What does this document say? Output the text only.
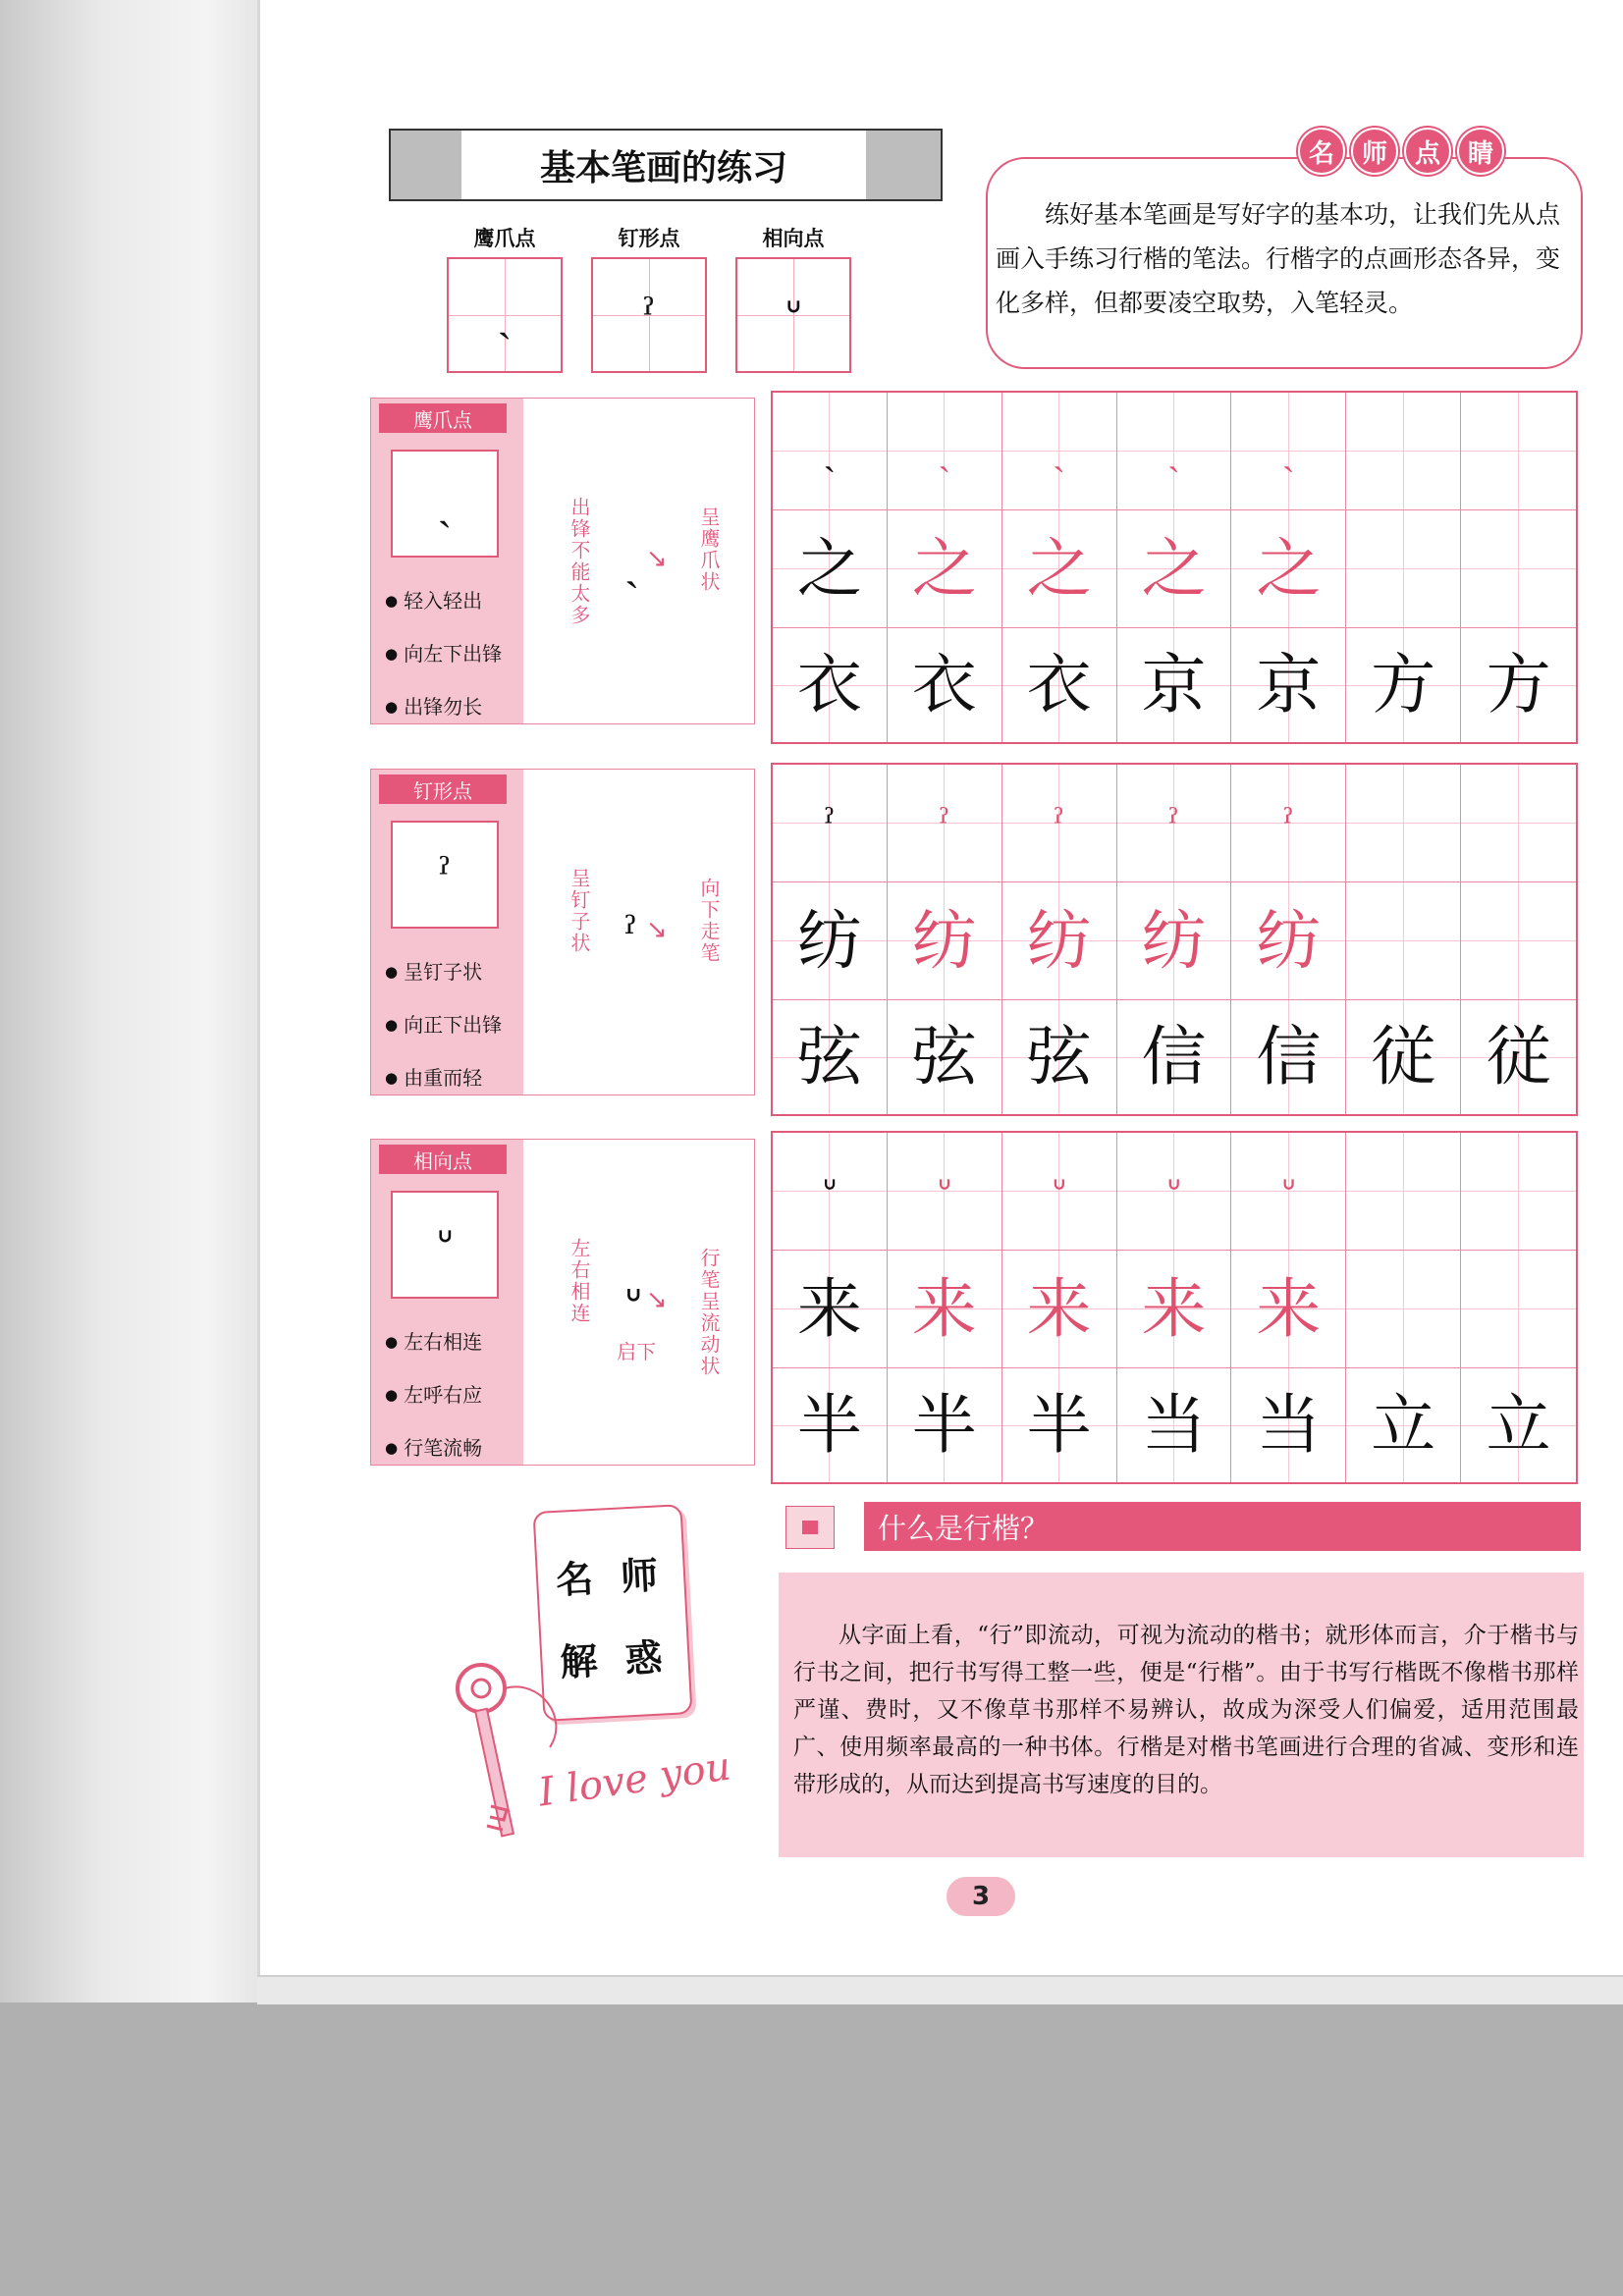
基本笔画的练习
鹰爪点	钉形点	相向点
ˎ	ˀ	ᐡ
名	师	点	睛
练好基本笔画是写好字的基本功，让我们先从点画入手练习行楷的笔法。行楷字的点画形态各异，变化多样，但都要凌空取势，入笔轻灵。
鹰爪点
ˎ
● 轻入轻出
● 向左下出锋
● 出锋勿长
出锋不能太多	呈鹰爪状
ˎ ↘
ˎ	ˎ	ˎ	ˎ	ˎ
之 之 之 之 之
衣 衣 衣 京 京 方 方
钉形点
ˀ
● 呈钉子状
● 向正下出锋
● 由重而轻
呈钉子状	向下走笔
ˀ ↘
ˀ	ˀ	ˀ	ˀ	ˀ
纺 纺 纺 纺 纺
弦 弦 弦 信 信 従 従
相向点
ᐡ
● 左右相连
● 左呼右应
● 行笔流畅
左右相连	行笔呈流动状
ᐡ ↘
启下
ᐡ	ᐡ	ᐡ	ᐡ	ᐡ
来 来 来 来 来
半 半 半 当 当 立 立
名 师
解 惑
I love you
什么是行楷？
从字面上看，“行”即流动，可视为流动的楷书；就形体而言，介于楷书与行书之间，把行书写得工整一些，便是“行楷”。由于书写行楷既不像楷书那样严谨、费时，又不像草书那样不易辨认，故成为深受人们偏爱，适用范围最广、使用频率最高的一种书体。行楷是对楷书笔画进行合理的省减、变形和连带形成的，从而达到提高书写速度的目的。
3
